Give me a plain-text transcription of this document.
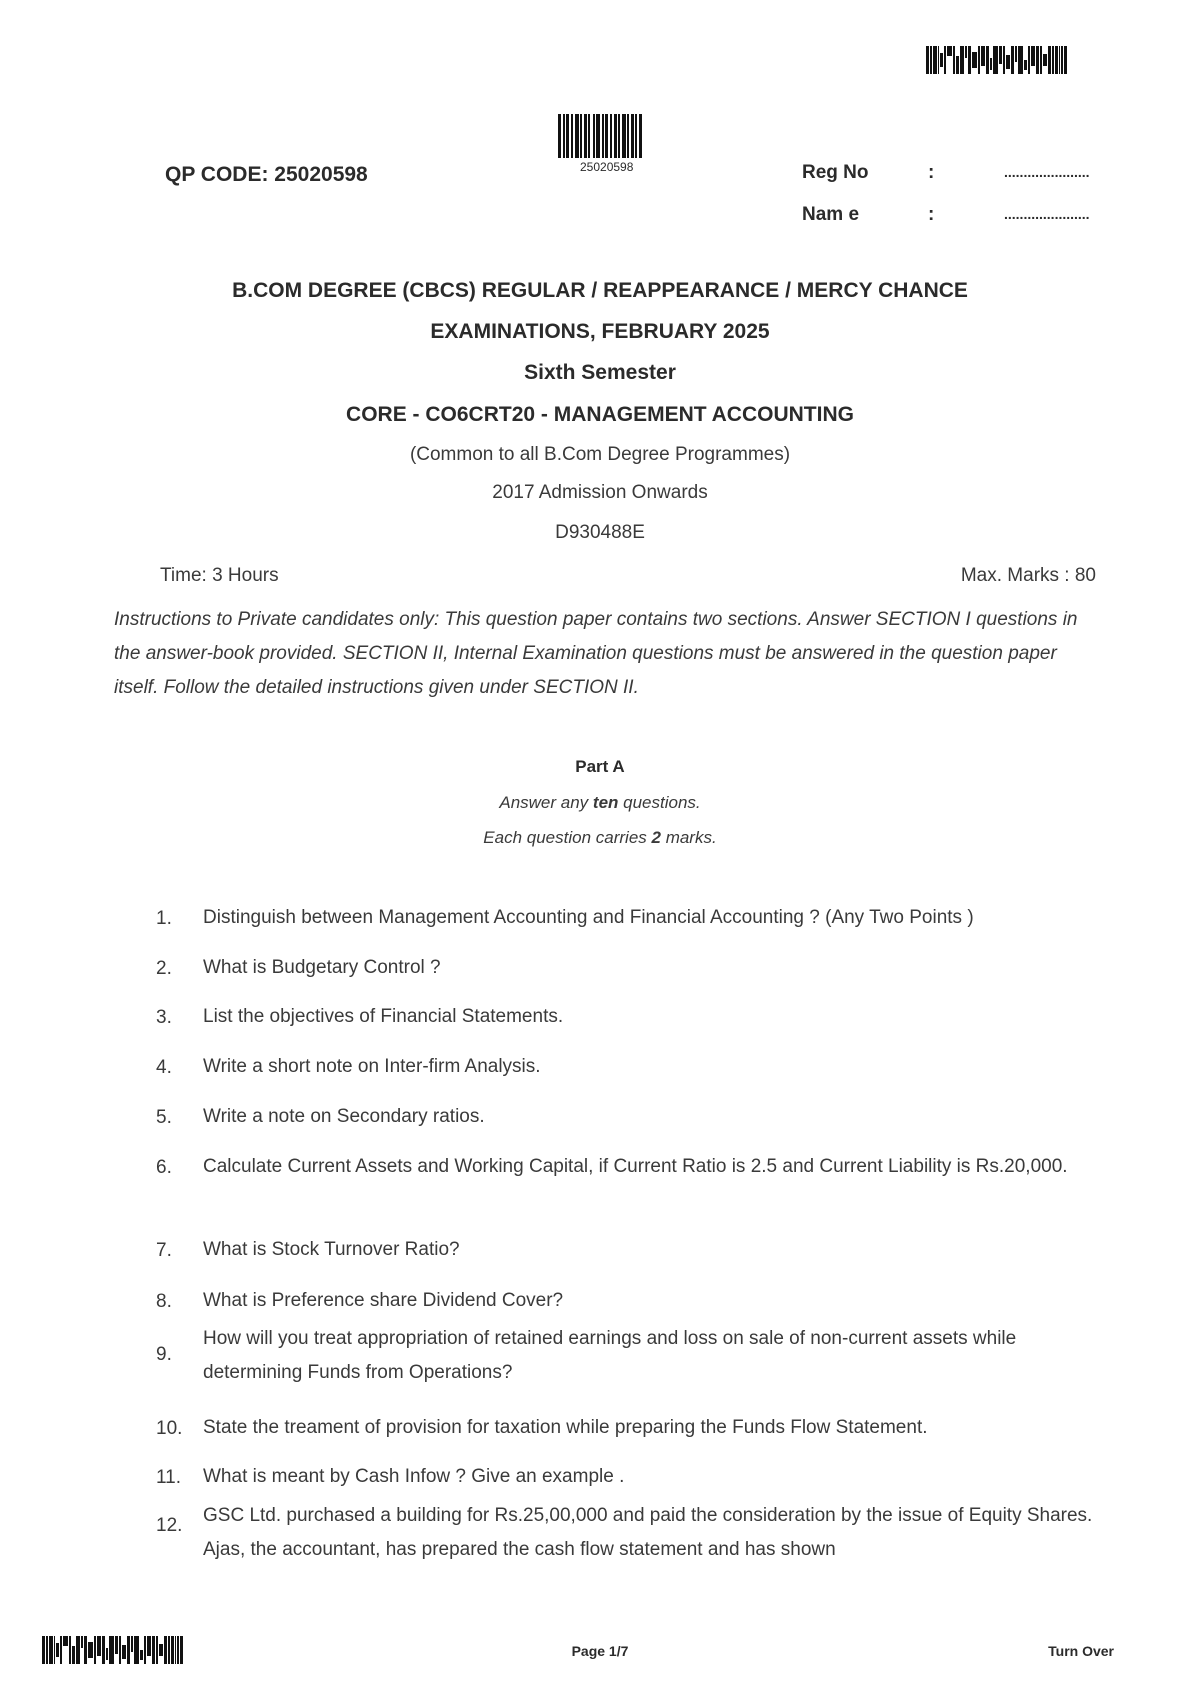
25020598
QP CODE: 25020598	Reg No	:	......................
Nam e	:	......................
B.COM DEGREE (CBCS) REGULAR / REAPPEARANCE / MERCY CHANCE
EXAMINATIONS, FEBRUARY 2025
Sixth Semester
CORE - CO6CRT20 - MANAGEMENT ACCOUNTING
(Common to all B.Com Degree Programmes)
2017 Admission Onwards
D930488E
Time: 3 Hours	Max. Marks : 80
Instructions to Private candidates only: This question paper contains two sections. Answer SECTION I questions in the answer-book provided. SECTION II, Internal Examination questions must be answered in the question paper itself. Follow the detailed instructions given under SECTION II.
Part A
Answer any ten questions.
Each question carries 2 marks.
1.	Distinguish between Management Accounting and Financial Accounting ? (Any Two Points )
2.	What is Budgetary Control ?
3.	List the objectives of Financial Statements.
4.	Write a short note on Inter-firm Analysis.
5.	Write a note on Secondary ratios.
6.	Calculate Current Assets and Working Capital, if Current Ratio is 2.5 and Current Liability is Rs.20,000.
7.	What is Stock Turnover Ratio?
8.	What is Preference share Dividend Cover?
9.
How will you treat appropriation of retained earnings and loss on sale of non-current assets while determining Funds from Operations?
10. State the treament of provision for taxation while preparing the Funds Flow Statement.
11. What is meant by Cash Infow ? Give an example .
12. GSC Ltd. purchased a building for Rs.25,00,000 and paid the consideration by the issue of Equity Shares. Ajas, the accountant, has prepared the cash flow statement and has shown
Page 1/7	Turn Over
